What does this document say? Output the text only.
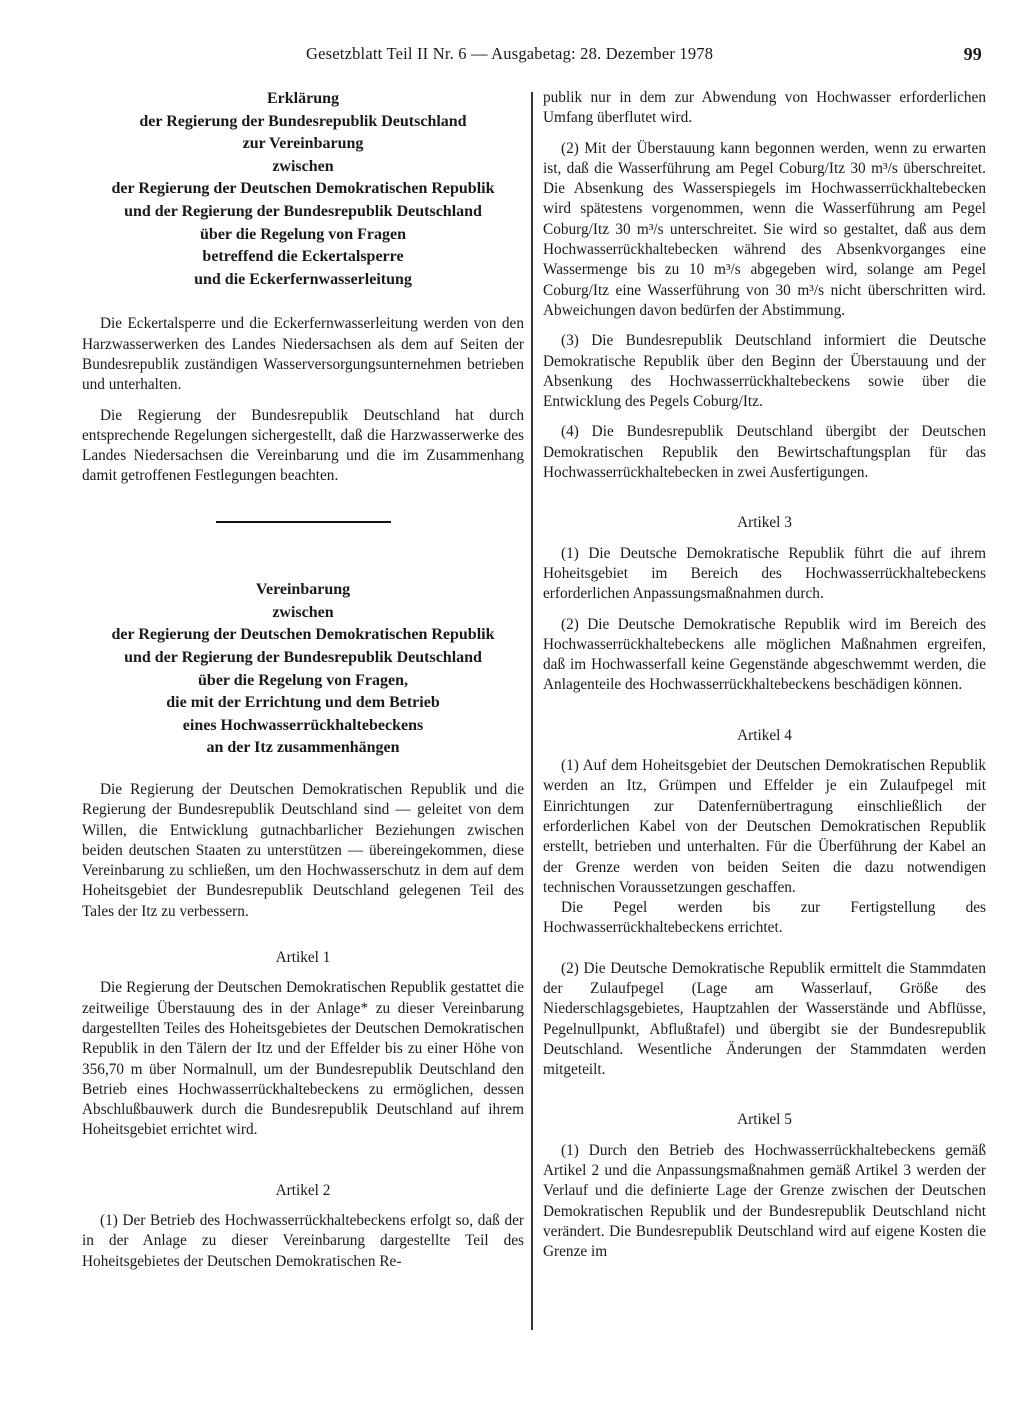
Gesetzblatt Teil II Nr. 6 — Ausgabetag: 28. Dezember 1978	99
Erklärung
der Regierung der Bundesrepublik Deutschland
zur Vereinbarung
zwischen
der Regierung der Deutschen Demokratischen Republik
und der Regierung der Bundesrepublik Deutschland
über die Regelung von Fragen
betreffend die Eckertalsperre
und die Eckerfernwasserleitung

Die Eckertalsperre und die Eckerfernwasserleitung werden von den Harzwasserwerken des Landes Niedersachsen als dem auf Seiten der Bundesrepublik zuständigen Wasserversorgungsunternehmen betrieben und unterhalten.

Die Regierung der Bundesrepublik Deutschland hat durch entsprechende Regelungen sichergestellt, daß die Harzwasserwerke des Landes Niedersachsen die Vereinbarung und die im Zusammenhang damit getroffenen Festlegungen beachten.

Vereinbarung
zwischen
der Regierung der Deutschen Demokratischen Republik
und der Regierung der Bundesrepublik Deutschland
über die Regelung von Fragen,
die mit der Errichtung und dem Betrieb
eines Hochwasserrückhaltebeckens
an der Itz zusammenhängen

Die Regierung der Deutschen Demokratischen Republik und die Regierung der Bundesrepublik Deutschland sind — geleitet von dem Willen, die Entwicklung gutnachbarlicher Beziehungen zwischen beiden deutschen Staaten zu unterstützen — übereingekommen, diese Vereinbarung zu schließen, um den Hochwasserschutz in dem auf dem Hoheitsgebiet der Bundesrepublik Deutschland gelegenen Teil des Tales der Itz zu verbessern.

Artikel 1

Die Regierung der Deutschen Demokratischen Republik gestattet die zeitweilige Überstauung des in der Anlage* zu dieser Vereinbarung dargestellten Teiles des Hoheitsgebietes der Deutschen Demokratischen Republik in den Tälern der Itz und der Effelder bis zu einer Höhe von 356,70 m über Normalnull, um der Bundesrepublik Deutschland den Betrieb eines Hochwasserrückhaltebeckens zu ermöglichen, dessen Abschlußbauwerk durch die Bundesrepublik Deutschland auf ihrem Hoheitsgebiet errichtet wird.

Artikel 2

(1) Der Betrieb des Hochwasserrückhaltebeckens erfolgt so, daß der in der Anlage zu dieser Vereinbarung dargestellte Teil des Hoheitsgebietes der Deutschen Demokratischen Re-

publik nur in dem zur Abwendung von Hochwasser erforderlichen Umfang überflutet wird.

(2) Mit der Überstauung kann begonnen werden, wenn zu erwarten ist, daß die Wasserführung am Pegel Coburg/Itz 30 m³/s überschreitet. Die Absenkung des Wasserspiegels im Hochwasserrückhaltebecken wird spätestens vorgenommen, wenn die Wasserführung am Pegel Coburg/Itz 30 m³/s unterschreitet. Sie wird so gestaltet, daß aus dem Hochwasserrückhaltebecken während des Absenkvorganges eine Wassermenge bis zu 10 m³/s abgegeben wird, solange am Pegel Coburg/Itz eine Wasserführung von 30 m³/s nicht überschritten wird. Abweichungen davon bedürfen der Abstimmung.

(3) Die Bundesrepublik Deutschland informiert die Deutsche Demokratische Republik über den Beginn der Überstauung und der Absenkung des Hochwasserrückhaltebeckens sowie über die Entwicklung des Pegels Coburg/Itz.

(4) Die Bundesrepublik Deutschland übergibt der Deutschen Demokratischen Republik den Bewirtschaftungsplan für das Hochwasserrückhaltebecken in zwei Ausfertigungen.

Artikel 3

(1) Die Deutsche Demokratische Republik führt die auf ihrem Hoheitsgebiet im Bereich des Hochwasserrückhaltebeckens erforderlichen Anpassungsmaßnahmen durch.

(2) Die Deutsche Demokratische Republik wird im Bereich des Hochwasserrückhaltebeckens alle möglichen Maßnahmen ergreifen, daß im Hochwasserfall keine Gegenstände abgeschwemmt werden, die Anlagenteile des Hochwasserrückhaltebeckens beschädigen können.

Artikel 4

(1) Auf dem Hoheitsgebiet der Deutschen Demokratischen Republik werden an Itz, Grümpen und Effelder je ein Zulaufpegel mit Einrichtungen zur Datenfernübertragung einschließlich der erforderlichen Kabel von der Deutschen Demokratischen Republik erstellt, betrieben und unterhalten. Für die Überführung der Kabel an der Grenze werden von beiden Seiten die dazu notwendigen technischen Voraussetzungen geschaffen.

Die Pegel werden bis zur Fertigstellung des Hochwasserrückhaltebeckens errichtet.

(2) Die Deutsche Demokratische Republik ermittelt die Stammdaten der Zulaufpegel (Lage am Wasserlauf, Größe des Niederschlagsgebietes, Hauptzahlen der Wasserstände und Abflüsse, Pegelnullpunkt, Abflußtafel) und übergibt sie der Bundesrepublik Deutschland. Wesentliche Änderungen der Stammdaten werden mitgeteilt.

Artikel 5

(1) Durch den Betrieb des Hochwasserrückhaltebeckens gemäß Artikel 2 und die Anpassungsmaßnahmen gemäß Artikel 3 werden der Verlauf und die definierte Lage der Grenze zwischen der Deutschen Demokratischen Republik und der Bundesrepublik Deutschland nicht verändert. Die Bundesrepublik Deutschland wird auf eigene Kosten die Grenze im
